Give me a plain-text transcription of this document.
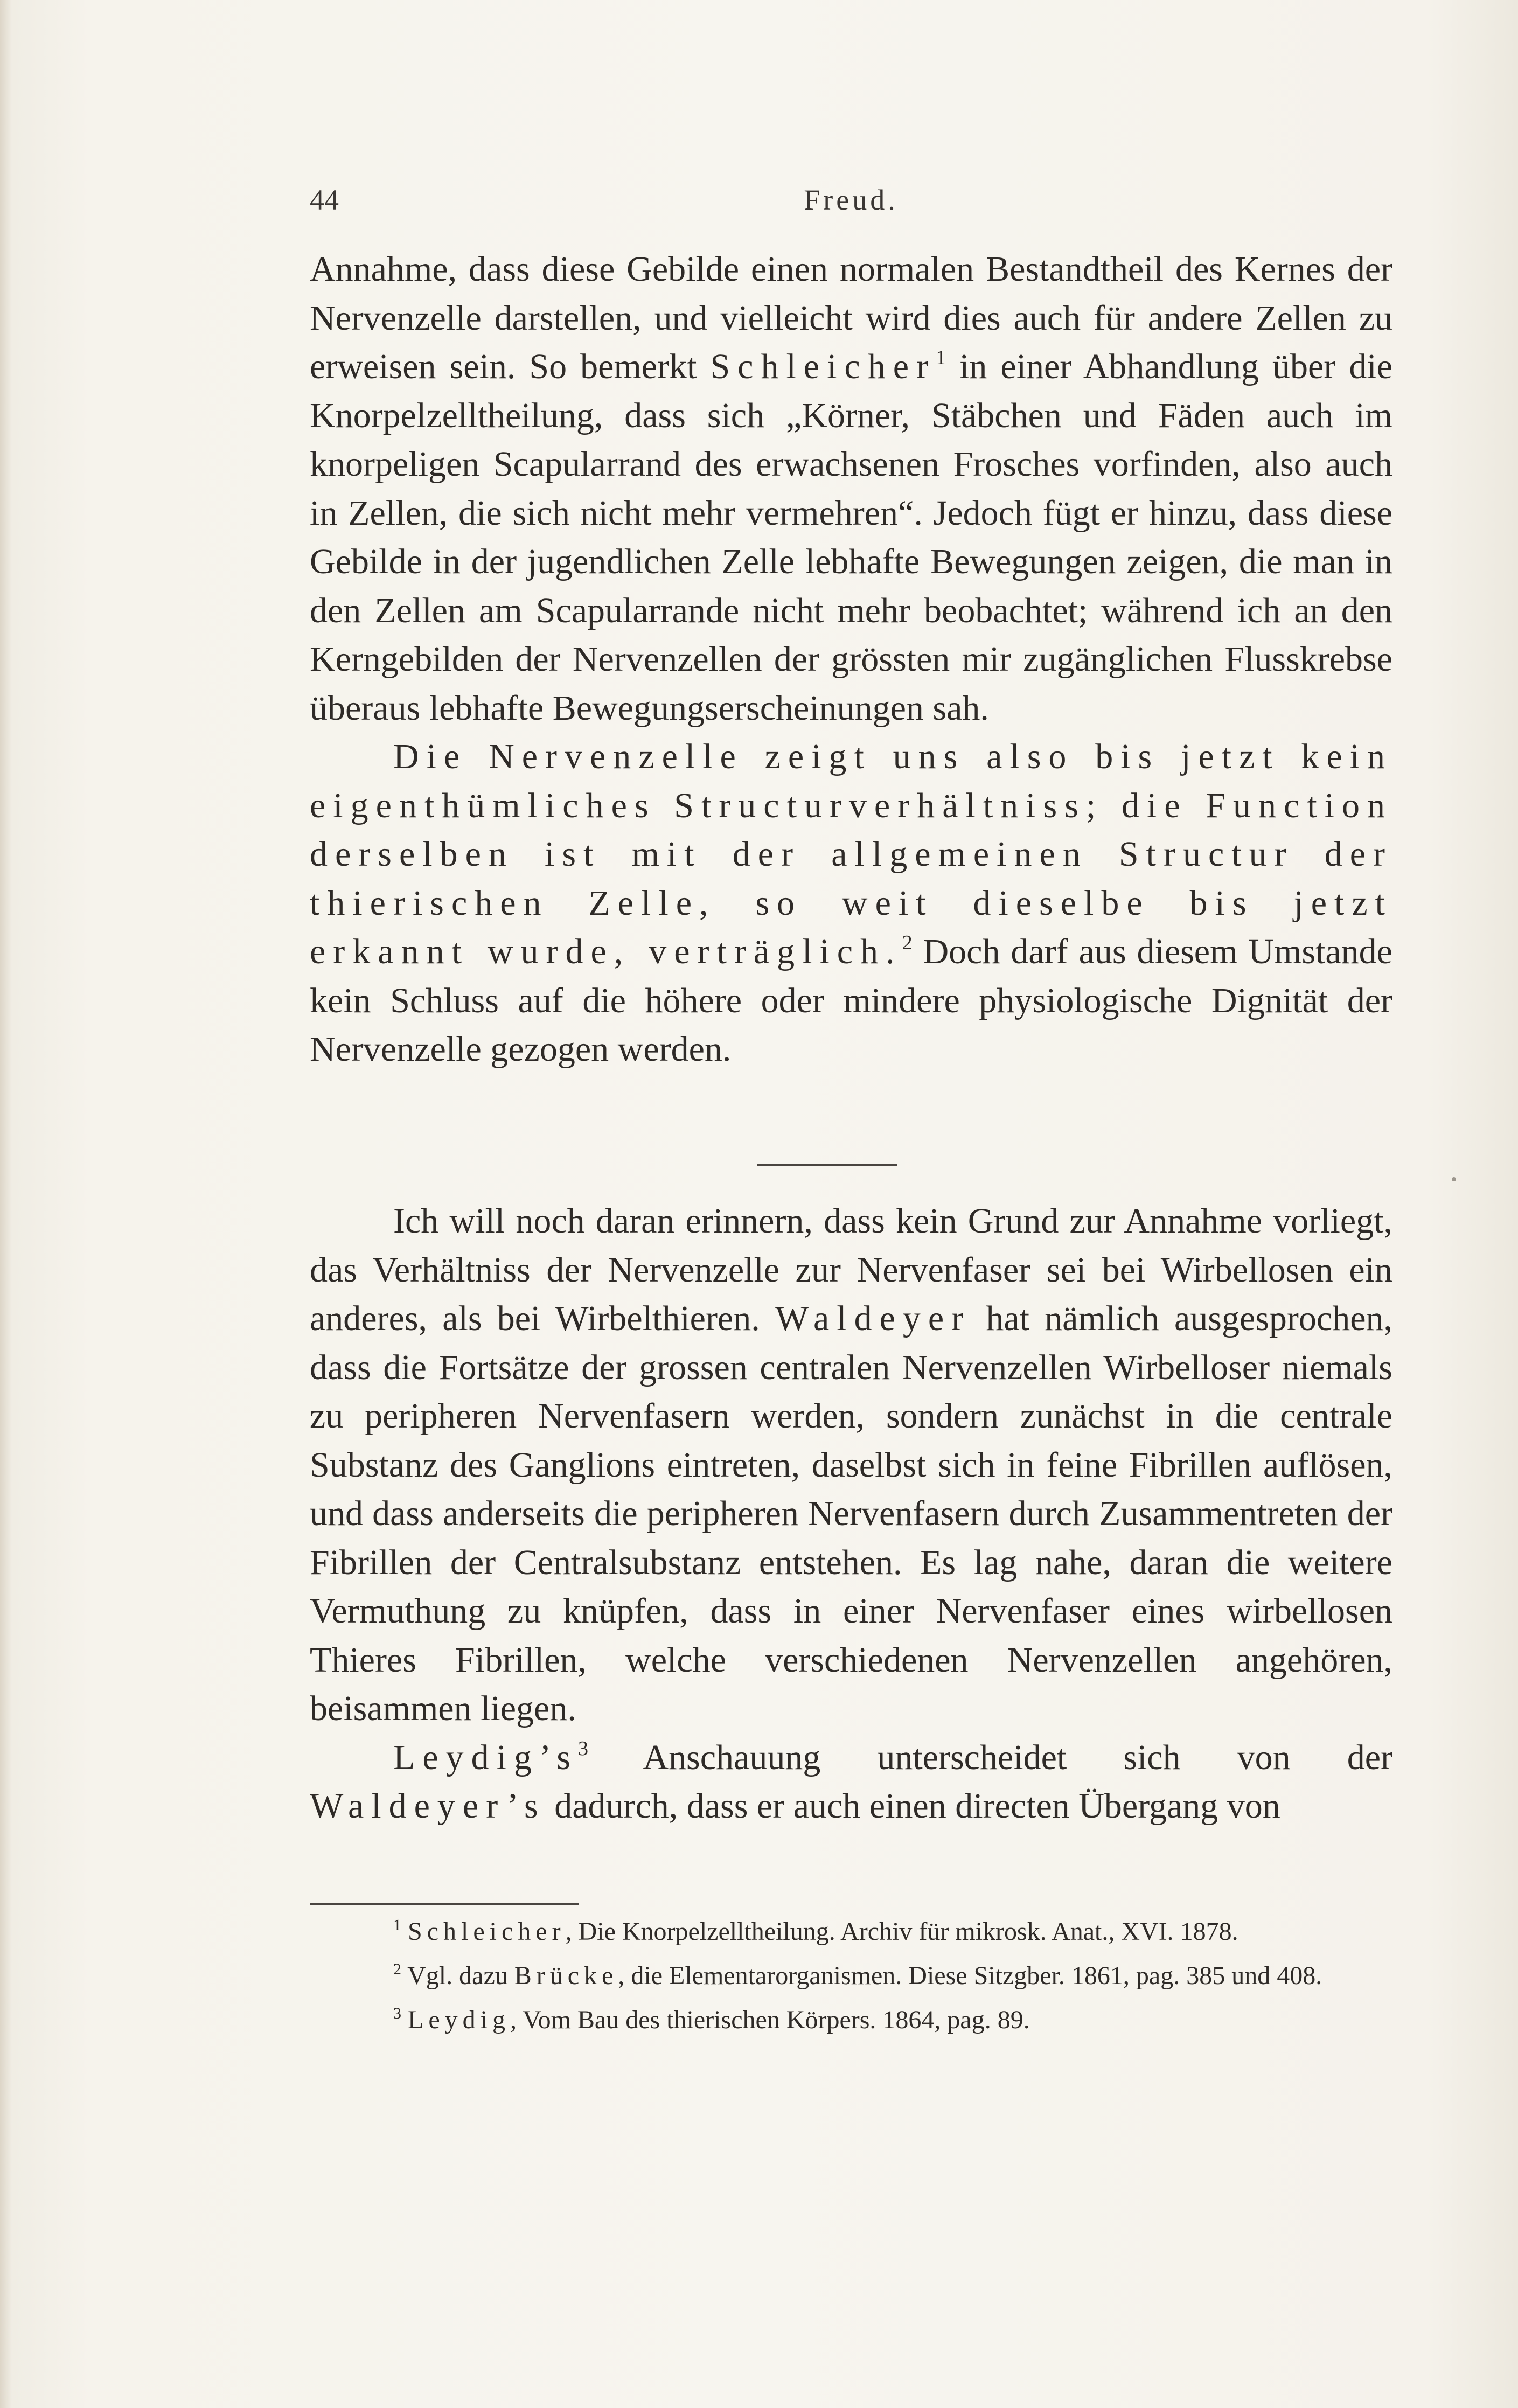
44	Freud.

Annahme, dass diese Gebilde einen normalen Bestandtheil des Kernes der Nervenzelle darstellen, und vielleicht wird dies auch für andere Zellen zu erweisen sein. So bemerkt Schleicher$^1$ in einer Abhandlung über die Knorpelzelltheilung, dass sich „Körner, Stäbchen und Fäden auch im knorpeligen Scapularrand des erwachsenen Frosches vorfinden, also auch in Zellen, die sich nicht mehr vermehren“. Jedoch fügt er hinzu, dass diese Gebilde in der jugendlichen Zelle lebhafte Bewegungen zeigen, die man in den Zellen am Scapularrande nicht mehr beobachtet; während ich an den Kerngebilden der Nervenzellen der grössten mir zugänglichen Flusskrebse überaus lebhafte Bewegungserscheinungen sah.

Die Nervenzelle zeigt uns also bis jetzt kein eigenthümliches Structurverhältniss; die Function derselben ist mit der allgemeinen Structur der thierischen Zelle, so weit dieselbe bis jetzt erkannt wurde, verträglich.$^2$ Doch darf aus diesem Umstande kein Schluss auf die höhere oder mindere physiologische Dignität der Nervenzelle gezogen werden.

Ich will noch daran erinnern, dass kein Grund zur Annahme vorliegt, das Verhältniss der Nervenzelle zur Nervenfaser sei bei Wirbellosen ein anderes, als bei Wirbelthieren. Waldeyer hat nämlich ausgesprochen, dass die Fortsätze der grossen centralen Nervenzellen Wirbelloser niemals zu peripheren Nervenfasern werden, sondern zunächst in die centrale Substanz des Ganglions eintreten, daselbst sich in feine Fibrillen auflösen, und dass anderseits die peripheren Nervenfasern durch Zusammentreten der Fibrillen der Centralsubstanz entstehen. Es lag nahe, daran die weitere Vermuthung zu knüpfen, dass in einer Nervenfaser eines wirbellosen Thieres Fibrillen, welche verschiedenen Nervenzellen angehören, beisammen liegen.

$Leydig’s^3$ Anschauung unterscheidet sich von der Waldeyer’s dadurch, dass er auch einen directen Übergang von

$^1$ Schleicher, Die Knorpelzelltheilung. Archiv für mikrosk. Anat., XVI. 1878.

$^2$ Vgl. dazu Brücke, die Elementarorganismen. Diese Sitzgber. 1861, pag. 385 und 408.

$^3$ Leydig, Vom Bau des thierischen Körpers. 1864, pag. 89.
